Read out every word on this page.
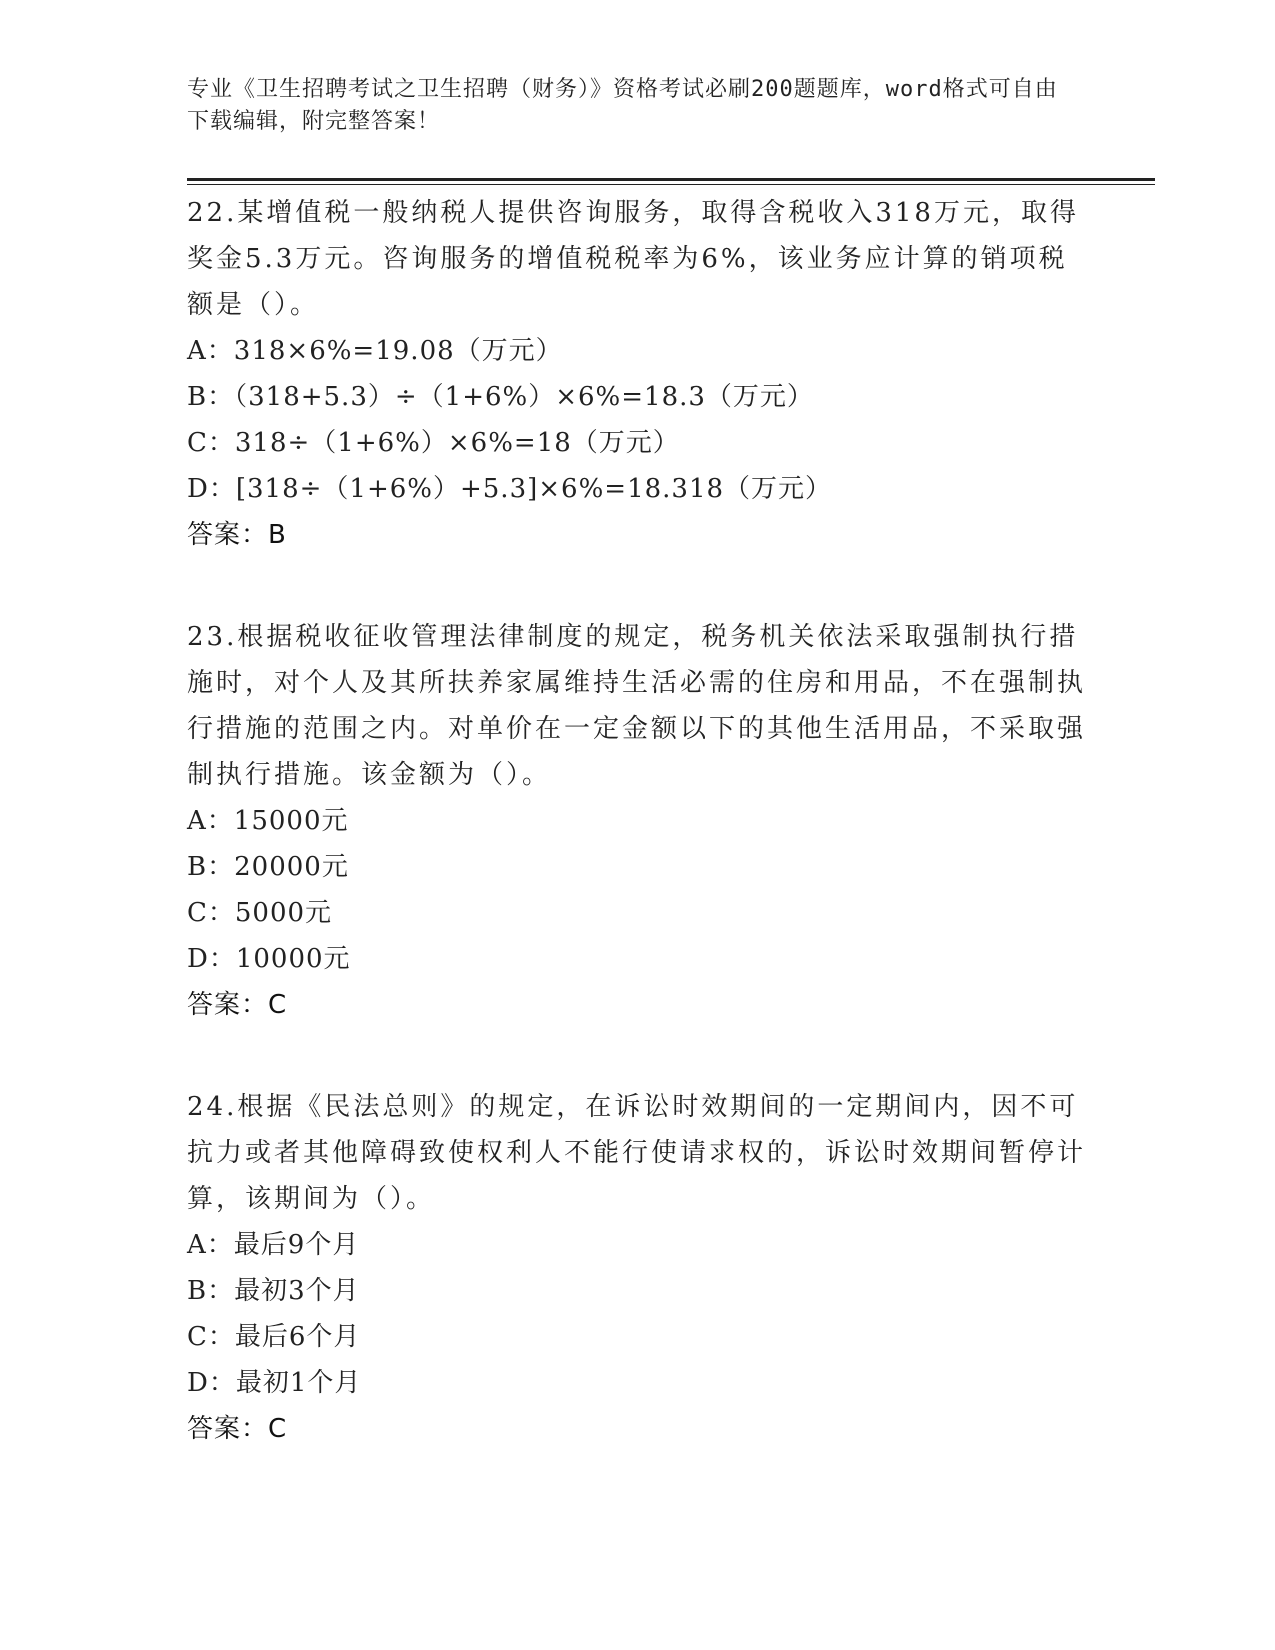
专业《卫生招聘考试之卫生招聘（财务）》资格考试必刷200题题库，word格式可自由下载编辑，附完整答案！

22.某增值税一般纳税人提供咨询服务，取得含税收入318万元，取得奖金5.3万元。咨询服务的增值税税率为6%，该业务应计算的销项税额是（）。

A：318×6%=19.08（万元）

B：（318+5.3）÷（1+6%）×6%=18.3（万元）

C：318÷（1+6%）×6%=18（万元）

D：[318÷（1+6%）+5.3]×6%=18.318（万元）

答案：B

23.根据税收征收管理法律制度的规定，税务机关依法采取强制执行措施时，对个人及其所扶养家属维持生活必需的住房和用品，不在强制执行措施的范围之内。对单价在一定金额以下的其他生活用品，不采取强制执行措施。该金额为（）。

A：15000元

B：20000元

C：5000元

D：10000元

答案：C

24.根据《民法总则》的规定，在诉讼时效期间的一定期间内，因不可抗力或者其他障碍致使权利人不能行使请求权的，诉讼时效期间暂停计算，该期间为（）。

A：最后9个月

B：最初3个月

C：最后6个月

D：最初1个月

答案：C
